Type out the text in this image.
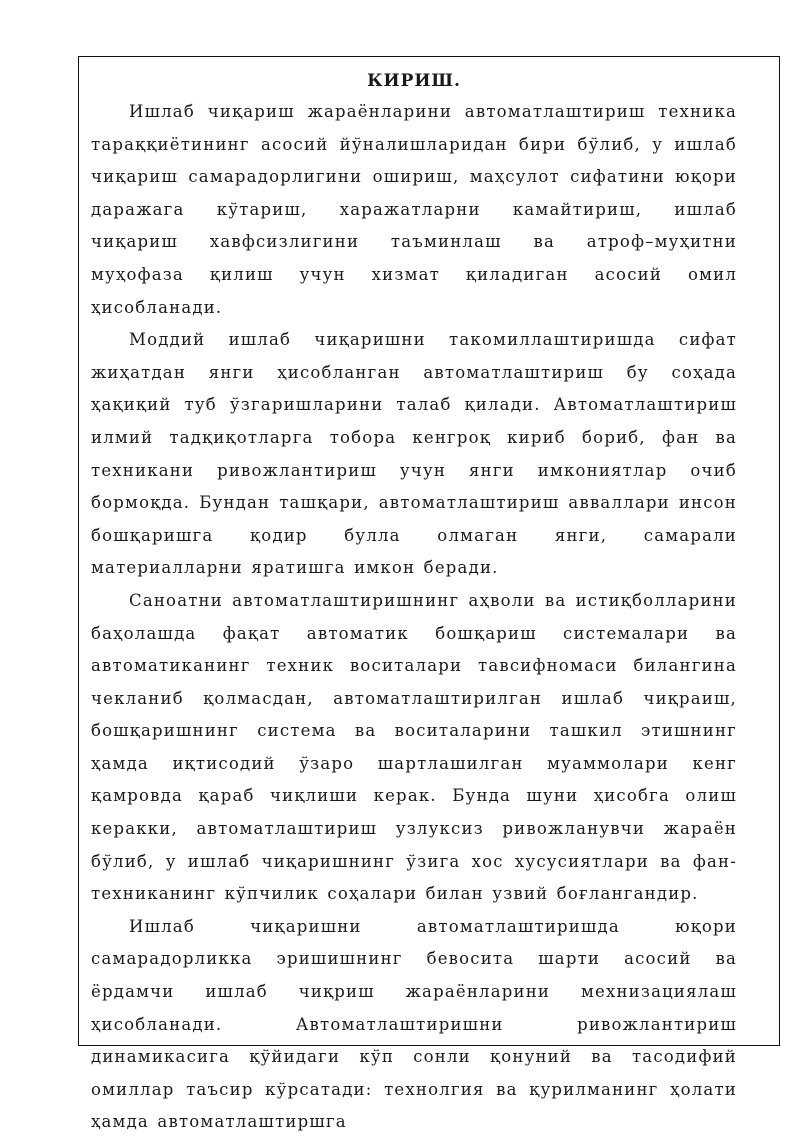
КИРИШ.

Ишлаб чиқариш жараёнларини автоматлаштириш техника тараққиётининг асосий йўналишларидан бири бўлиб, у ишлаб чиқариш самарадорлигини ошириш, маҳсулот сифатини юқори даражага кўтариш, харажатларни камайтириш, ишлаб чиқариш хавфсизлигини таъминлаш ва атроф–муҳитни муҳофаза қилиш учун хизмат қиладиган асосий омил ҳисобланади.

Моддий ишлаб чиқаришни такомиллаштиришда сифат жиҳатдан янги ҳисобланган автоматлаштириш бу соҳада ҳақиқий туб ўзгаришларини талаб қилади. Автоматлаштириш илмий тадқиқотларга тобора кенгроқ кириб бориб, фан ва техникани ривожлантириш учун янги имкониятлар очиб бормоқда. Бундан ташқари, автоматлаштириш авваллари инсон бошқаришга қодир булла олмаган янги, самарали материалларни яратишга имкон беради.

Саноатни автоматлаштиришнинг аҳволи ва истиқболларини баҳолашда фақат автоматик бошқариш системалари ва автоматиканинг техник воситалари тавсифномаси билангина чекланиб қолмасдан, автоматлаштирилган ишлаб чиқраиш, бошқаришнинг система ва воситаларини ташкил этишнинг ҳамда иқтисодий ўзаро шартлашилган муаммолари кенг қамровда қараб чиқлиши керак. Бунда шуни ҳисобга олиш керакки, автоматлаштириш узлуксиз ривожланувчи жараён бўлиб, у ишлаб чиқаришнинг ўзига хос хусусиятлари ва фан-техниканинг кўпчилик соҳалари билан узвий боғлангандир.

Ишлаб чиқаришни автоматлаштиришда юқори самарадорликка эришишнинг бевосита шарти асосий ва ёрдамчи ишлаб чиқриш жараёнларини мехнизациялаш ҳисобланади. Автоматлаштиришни ривожлантириш динамикасига қўйидаги кўп сонли қонуний ва тасодифий омиллар таъсир кўрсатади: технолгия ва қурилманинг ҳолати ҳамда автоматлаштиршга
